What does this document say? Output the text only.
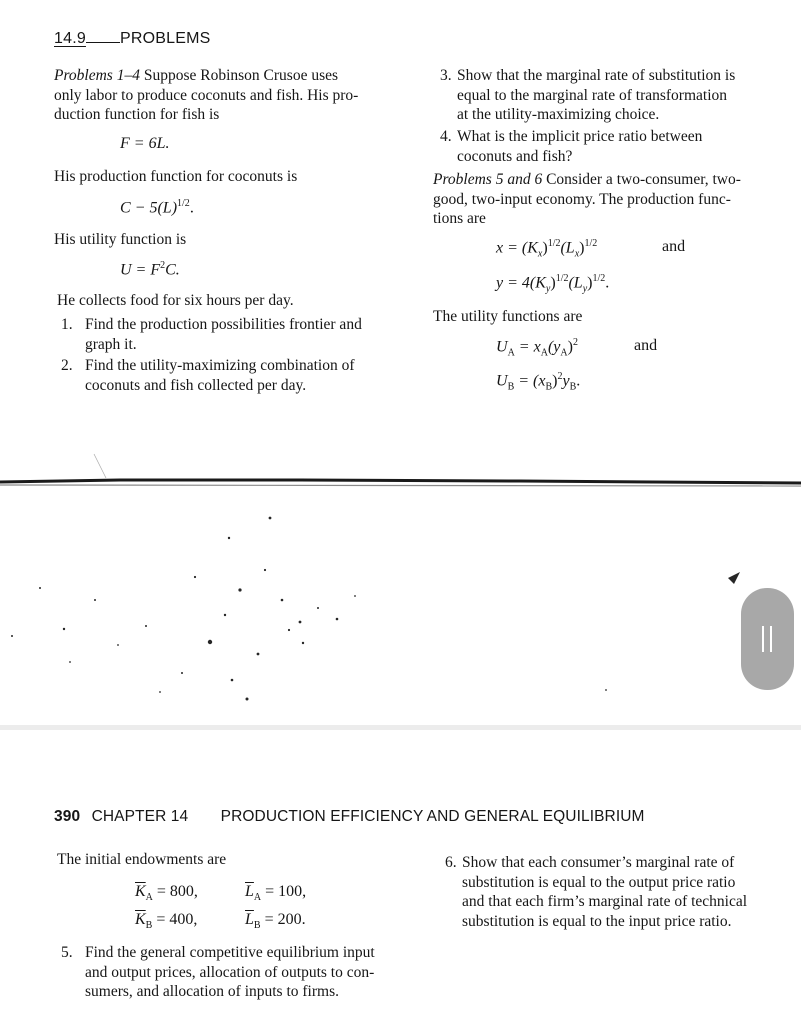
14.9 PROBLEMS
Problems 1–4 Suppose Robinson Crusoe uses
only labor to produce coconuts and fish. His pro-
duction function for fish is
F = 6L.
His production function for coconuts is
$C - 5(L)^{1/2}$.
His utility function is
$U = F^2C$.
He collects food for six hours per day.
1. Find the production possibilities frontier and
graph it.
2. Find the utility-maximizing combination of
coconuts and fish collected per day.
3. Show that the marginal rate of substitution is
equal to the marginal rate of transformation
at the utility-maximizing choice.
4. What is the implicit price ratio between
coconuts and fish?
Problems 5 and 6 Consider a two-consumer, two-
good, two-input economy. The production func-
tions are
$x = (K_x)^{1/2}(L_x)^{1/2}$	and
$y = 4(K_y)^{1/2}(L_y)^{1/2}$.
The utility functions are
$U_A = x_A(y_A)^2$	and
$U_B = (x_B)^2y_B$.
390 CHAPTER 14 PRODUCTION EFFICIENCY AND GENERAL EQUILIBRIUM
The initial endowments are
$\overline{K}_A = 800$,	$\overline{L}_A = 100$,
$\overline{K}_B = 400$,	$\overline{L}_B = 200$.
5. Find the general competitive equilibrium input
and output prices, allocation of outputs to con-
sumers, and allocation of inputs to firms.
6. Show that each consumer’s marginal rate of
substitution is equal to the output price ratio
and that each firm’s marginal rate of technical
substitution is equal to the input price ratio.
